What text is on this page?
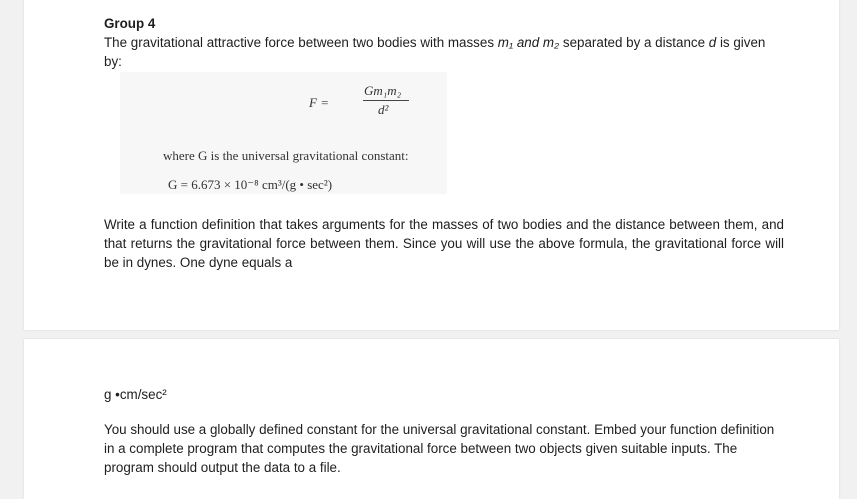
Group 4
The gravitational attractive force between two bodies with masses m₁ and m₂ separated by a distance d is given by:
F =
Gm₁m₂
d²
where G is the universal gravitational constant:
G = 6.673 × 10⁻⁸ cm³/(g • sec²)
Write a function definition that takes arguments for the masses of two bodies and the distance between them, and that returns the gravitational force between them. Since you will use the above formula, the gravitational force will be in dynes. One dyne equals a
g •cm/sec²
You should use a globally defined constant for the universal gravitational constant. Embed your function definition in a complete program that computes the gravitational force between two objects given suitable inputs. The program should output the data to a file.
